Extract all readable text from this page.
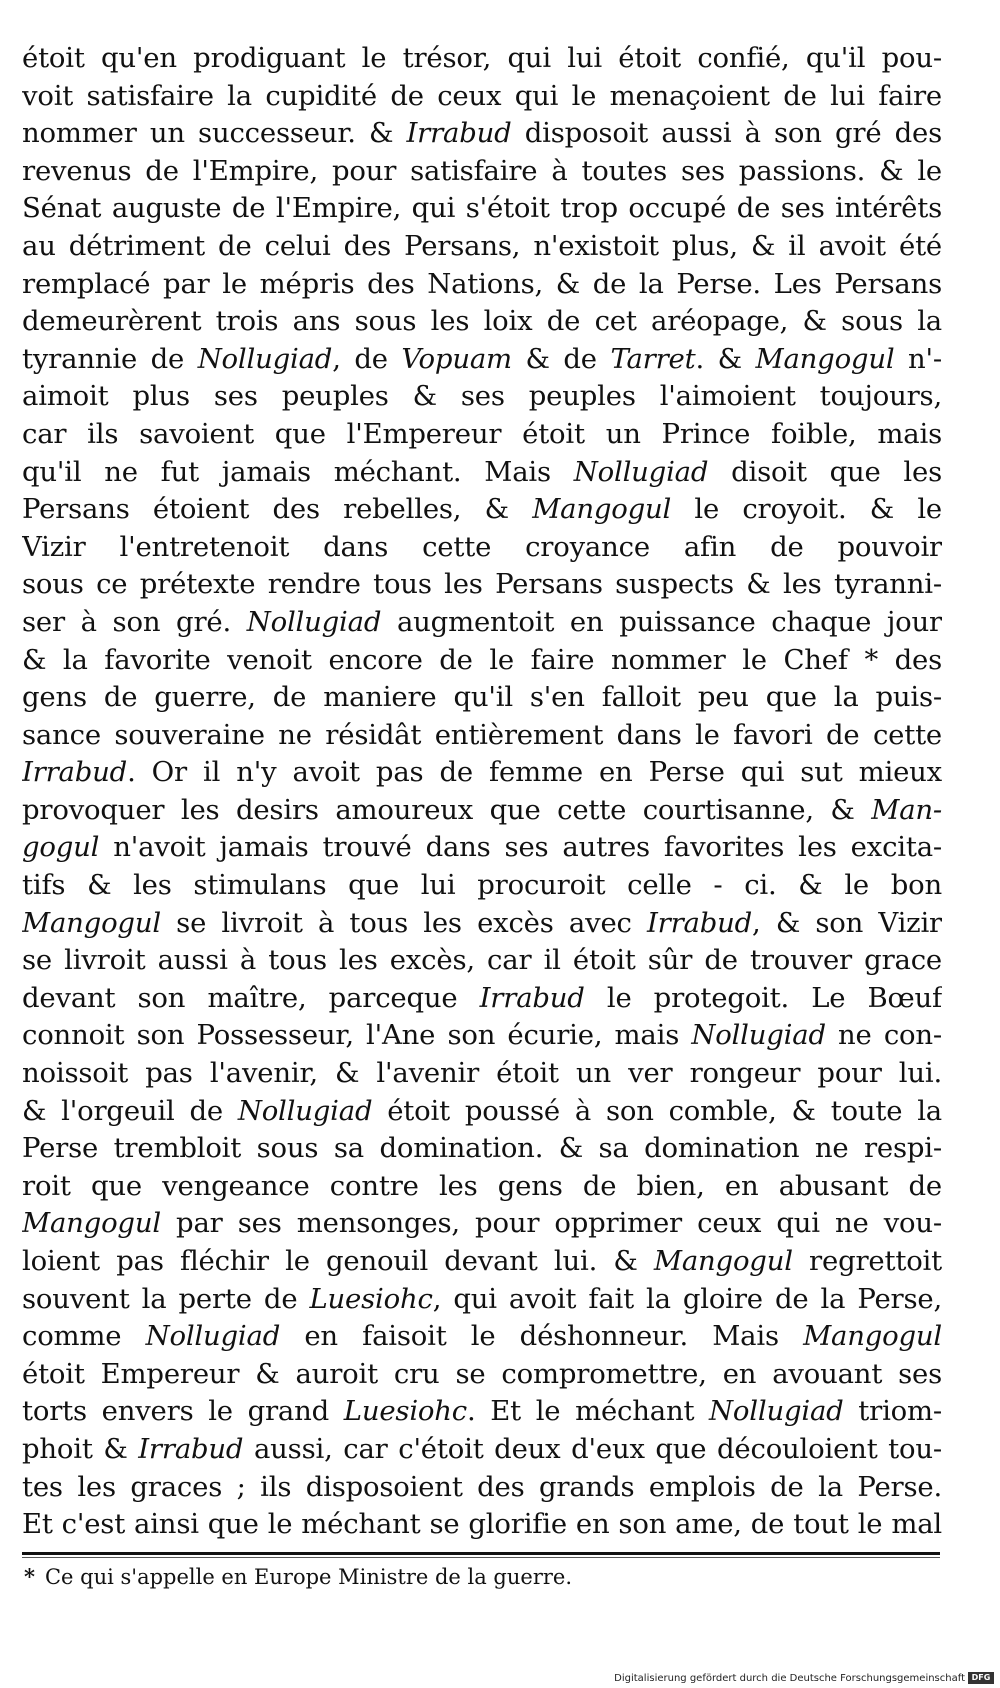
étoit qu'en prodiguant le trésor, qui lui étoit confié, qu'il pou-
voit satisfaire la cupidité de ceux qui le menaçoient de lui faire
nommer un successeur. & Irrabud disposoit aussi à son gré des
revenus de l'Empire, pour satisfaire à toutes ses passions. & le
Sénat auguste de l'Empire, qui s'étoit trop occupé de ses intérêts
au détriment de celui des Persans, n'existoit plus, & il avoit été
remplacé par le mépris des Nations, & de la Perse. Les Persans
demeurèrent trois ans sous les loix de cet aréopage, & sous la
tyrannie de Nollugiad, de Vopuam & de Tarret. & Mangogul n'-
aimoit plus ses peuples & ses peuples l'aimoient toujours,
car ils savoient que l'Empereur étoit un Prince foible, mais
qu'il ne fut jamais méchant. Mais Nollugiad disoit que les
Persans étoient des rebelles, & Mangogul le croyoit. & le
Vizir l'entretenoit dans cette croyance afin de pouvoir
sous ce prétexte rendre tous les Persans suspects & les tyranni-
ser à son gré. Nollugiad augmentoit en puissance chaque jour
& la favorite venoit encore de le faire nommer le Chef * des
gens de guerre, de maniere qu'il s'en falloit peu que la puis-
sance souveraine ne résidât entièrement dans le favori de cette
Irrabud. Or il n'y avoit pas de femme en Perse qui sut mieux
provoquer les desirs amoureux que cette courtisanne, & Man-
gogul n'avoit jamais trouvé dans ses autres favorites les excita-
tifs & les stimulans que lui procuroit celle - ci. & le bon
Mangogul se livroit à tous les excès avec Irrabud, & son Vizir
se livroit aussi à tous les excès, car il étoit sûr de trouver grace
devant son maître, parceque Irrabud le protegoit. Le Bœuf
connoit son Possesseur, l'Ane son écurie, mais Nollugiad ne con-
noissoit pas l'avenir, & l'avenir étoit un ver rongeur pour lui.
& l'orgeuil de Nollugiad étoit poussé à son comble, & toute la
Perse trembloit sous sa domination. & sa domination ne respi-
roit que vengeance contre les gens de bien, en abusant de
Mangogul par ses mensonges, pour opprimer ceux qui ne vou-
loient pas fléchir le genouil devant lui. & Mangogul regrettoit
souvent la perte de Luesiohc, qui avoit fait la gloire de la Perse,
comme Nollugiad en faisoit le déshonneur. Mais Mangogul
étoit Empereur & auroit cru se compromettre, en avouant ses
torts envers le grand Luesiohc. Et le méchant Nollugiad triom-
phoit & Irrabud aussi, car c'étoit deux d'eux que découloient tou-
tes les graces ; ils disposoient des grands emplois de la Perse.
Et c'est ainsi que le méchant se glorifie en son ame, de tout le mal
* Ce qui s'appelle en Europe Ministre de la guerre.
Digitalisierung gefördert durch die Deutsche Forschungsgemeinschaft DFG
